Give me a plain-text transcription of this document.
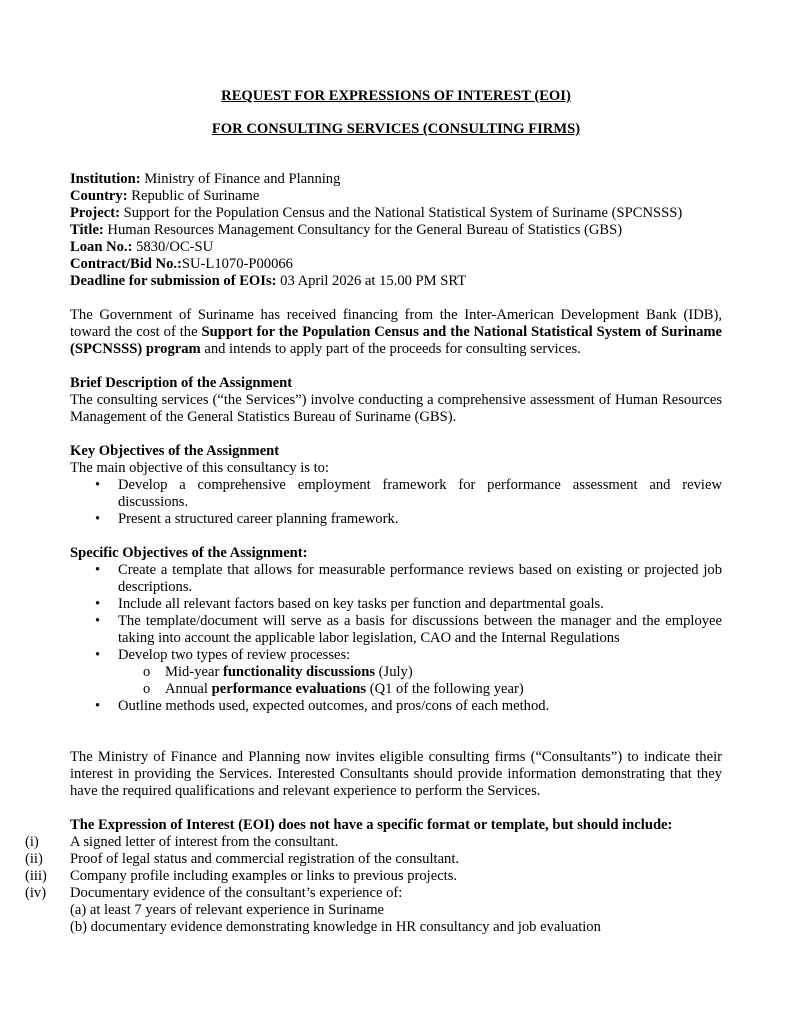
REQUEST FOR EXPRESSIONS OF INTEREST (EOI)
FOR CONSULTING SERVICES (CONSULTING FIRMS)
Institution: Ministry of Finance and Planning
Country: Republic of Suriname
Project: Support for the Population Census and the National Statistical System of Suriname (SPCNSSS)
Title: Human Resources Management Consultancy for the General Bureau of Statistics (GBS)
Loan No.: 5830/OC-SU
Contract/Bid No.:SU-L1070-P00066
Deadline for submission of EOIs: 03 April 2026 at 15.00 PM SRT
The Government of Suriname has received financing from the Inter-American Development Bank (IDB), toward the cost of the Support for the Population Census and the National Statistical System of Suriname (SPCNSSS) program and intends to apply part of the proceeds for consulting services.
Brief Description of the Assignment
The consulting services (“the Services”) involve conducting a comprehensive assessment of Human Resources Management of the General Statistics Bureau of Suriname (GBS).
Key Objectives of the Assignment
The main objective of this consultancy is to:
•	Develop a comprehensive employment framework for performance assessment and review discussions.
•	Present a structured career planning framework.
Specific Objectives of the Assignment:
•	Create a template that allows for measurable performance reviews based on existing or projected job descriptions.
•	Include all relevant factors based on key tasks per function and departmental goals.
•	The template/document will serve as a basis for discussions between the manager and the employee taking into account the applicable labor legislation, CAO and the Internal Regulations
•	Develop two types of review processes:
o	Mid-year functionality discussions (July)
o	Annual performance evaluations (Q1 of the following year)
•	Outline methods used, expected outcomes, and pros/cons of each method.
The Ministry of Finance and Planning now invites eligible consulting firms (“Consultants”) to indicate their interest in providing the Services. Interested Consultants should provide information demonstrating that they have the required qualifications and relevant experience to perform the Services.
The Expression of Interest (EOI) does not have a specific format or template, but should include:
(i)	A signed letter of interest from the consultant.
(ii)	Proof of legal status and commercial registration of the consultant.
(iii)	Company profile including examples or links to previous projects.
(iv)	Documentary evidence of the consultant’s experience of:
(a) at least 7 years of relevant experience in Suriname
(b) documentary evidence demonstrating knowledge in HR consultancy and job evaluation
